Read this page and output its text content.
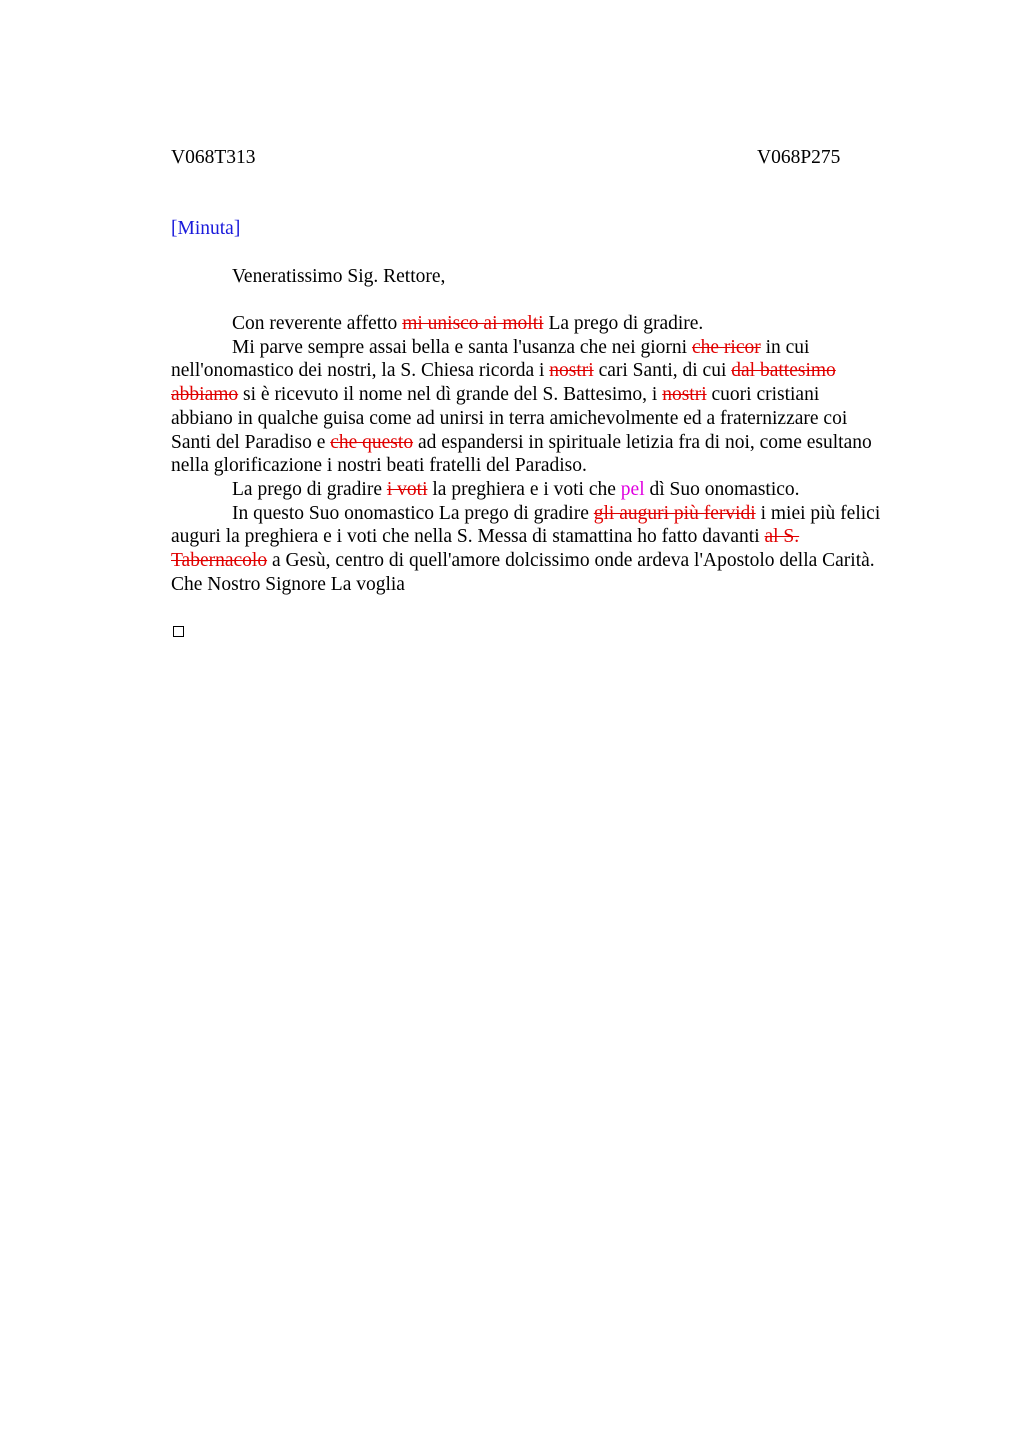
V068T313	V068P275
[Minuta]
Veneratissimo Sig. Rettore,

Con reverente affetto mi unisco ai molti La prego di gradire.

Mi parve sempre assai bella e santa l'usanza che nei giorni che ricor in cui

nell'onomastico dei nostri, la S. Chiesa ricorda i nostri cari Santi, di cui dal battesimo
abbiamo si è ricevuto il nome nel dì grande del S. Battesimo, i nostri cuori cristiani
abbiano in qualche guisa come ad unirsi in terra amichevolmente ed a fraternizzare coi
Santi del Paradiso e che questo ad espandersi in spirituale letizia fra di noi, come esultano
nella glorificazione i nostri beati fratelli del Paradiso.

La prego di gradire i voti la preghiera e i voti che pel dì Suo onomastico.

In questo Suo onomastico La prego di gradire gli auguri più fervidi i miei più felici

auguri la preghiera e i voti che nella S. Messa di stamattina ho fatto davanti al S.
Tabernacolo a Gesù, centro di quell'amore dolcissimo onde ardeva l'Apostolo della Carità.
Che Nostro Signore La voglia
